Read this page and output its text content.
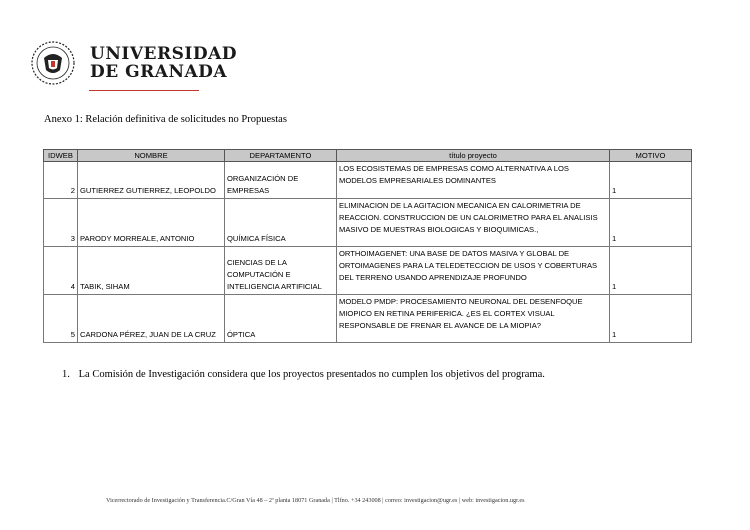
UNIVERSIDAD
DE GRANADA
Anexo 1: Relación definitiva de solicitudes no Propuestas
IDWEB	NOMBRE	DEPARTAMENTO	título proyecto	MOTIVO
2	GUTIERREZ GUTIERREZ, LEOPOLDO	ORGANIZACIÓN DE EMPRESAS	LOS ECOSISTEMAS DE EMPRESAS COMO ALTERNATIVA A LOS MODELOS EMPRESARIALES DOMINANTES	1
3	PARODY MORREALE, ANTONIO	QUÍMICA FÍSICA	ELIMINACION DE LA AGITACION MECANICA EN CALORIMETRIA DE REACCION. CONSTRUCCION DE UN CALORIMETRO PARA EL ANALISIS MASIVO DE MUESTRAS BIOLOGICAS Y BIOQUIMICAS.,	1
4	TABIK, SIHAM	CIENCIAS DE LA COMPUTACIÓN E INTELIGENCIA ARTIFICIAL	ORTHOIMAGENET: UNA BASE DE DATOS MASIVA Y GLOBAL DE ORTOIMAGENES PARA LA TELEDETECCION DE USOS Y COBERTURAS DEL TERRENO USANDO APRENDIZAJE PROFUNDO	1
5	CARDONA PÉREZ, JUAN DE LA CRUZ	ÓPTICA	MODELO PMDP: PROCESAMIENTO NEURONAL DEL DESENFOQUE MIOPICO EN RETINA PERIFERICA. ¿ES EL CORTEX VISUAL RESPONSABLE DE FRENAR EL AVANCE DE LA MIOPIA?	1
1. La Comisión de Investigación considera que los proyectos presentados no cumplen los objetivos del programa.
Vicerrectorado de Investigación y Transferencia.C/Gran Vía 48 – 2ª planta 18071 Granada | Tlfno. +34 243008 | correo: investigacion@ugr.es | web: investigacion.ugr.es
